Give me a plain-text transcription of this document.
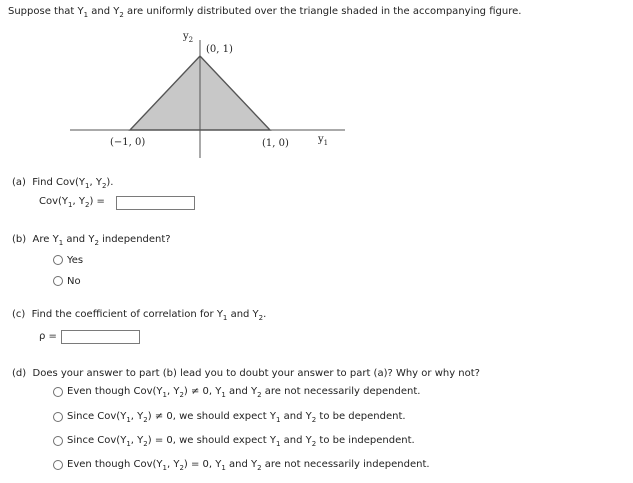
Suppose that $Y_1$ and $Y_2$ are uniformly distributed over the triangle shaded in the accompanying figure.
$y_2$
(0, 1)
(−1, 0)	(1, 0)	$y_1$
(a) Find $Cov(Y_1$, $Y_2$).
$Cov(Y_1$, $Y_2$) =
(b) Are $Y_1$ and $Y_2$ independent?
Yes
No
(c) Find the coefficient of correlation for $Y_1$ and $Y_2$.
ρ =
(d) Does your answer to part (b) lead you to doubt your answer to part (a)? Why or why not?
Even though $Cov(Y_1$, $Y_2) \ne 0$, $Y_1$ and $Y_2$ are not necessarily dependent.
Since $Cov(Y_1$, $Y_2) \ne 0$, we should expect $Y_1$ and $Y_2$ to be dependent.
Since $Cov(Y_1$, $Y_2) = 0$, we should expect $Y_1$ and $Y_2$ to be independent.
Even though $Cov(Y_1$, $Y_2) = 0$, $Y_1$ and $Y_2$ are not necessarily independent.
